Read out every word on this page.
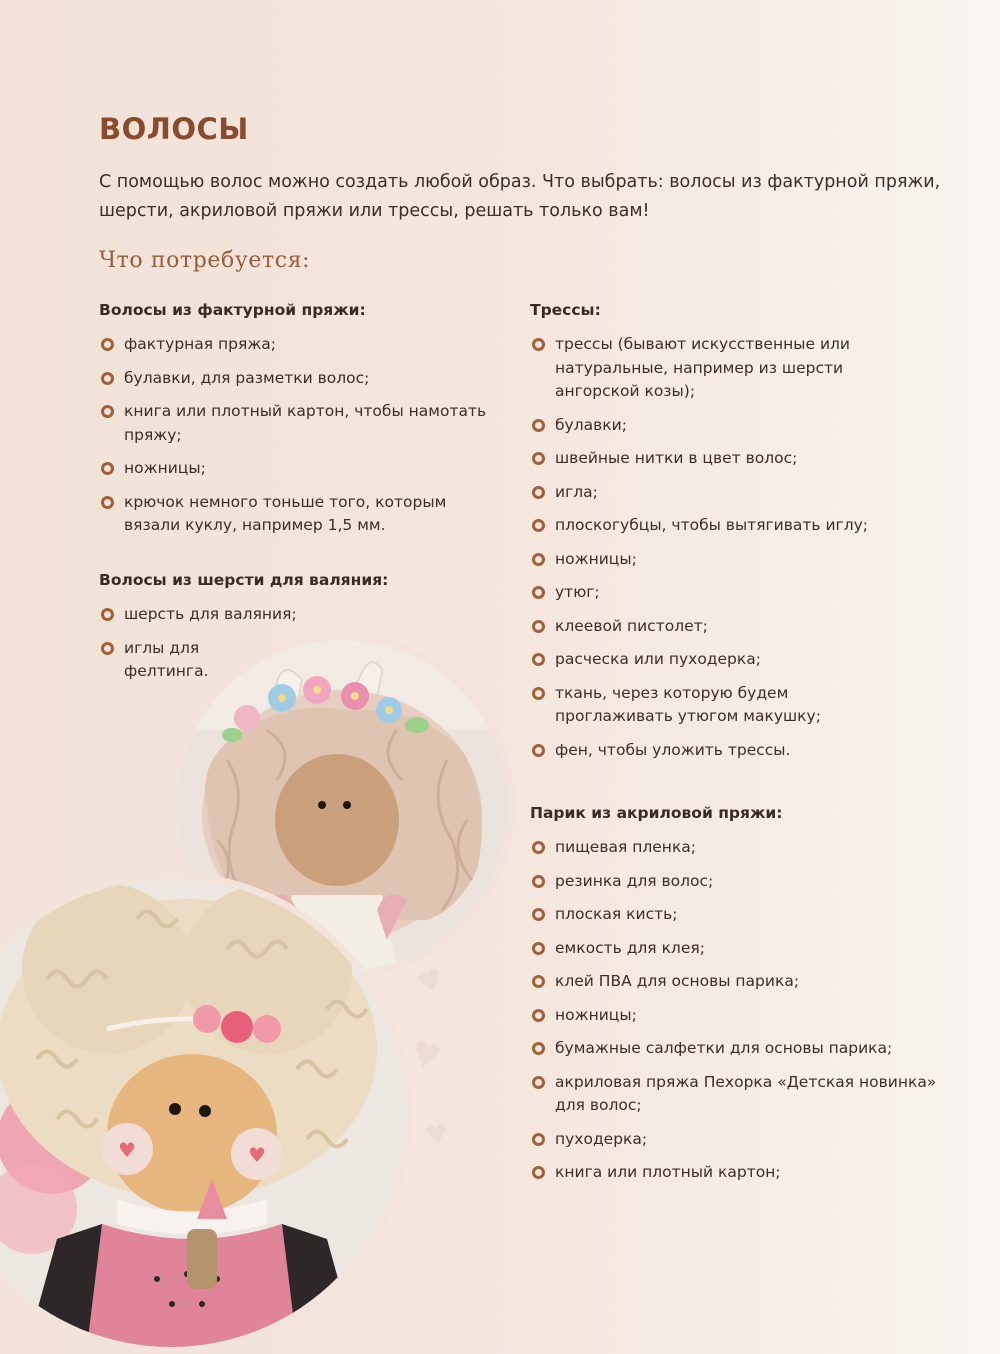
ВОЛОСЫ
С помощью волос можно создать любой образ. Что выбрать: волосы из фактурной пряжи, шерсти, акриловой пряжи или трессы, решать только вам!
Что потребуется:
♥
♥
♥
Волосы из фактурной пряжи:
фактурная пряжа;
булавки, для разметки волос;
книга или плотный картон, чтобы намотать пряжу;
ножницы;
крючок немного тоньше того, которым вязали куклу, например 1,5 мм.
Волосы из шерсти для валяния:
шерсть для валяния;
иглы для фелтинга.
Трессы:
трессы (бывают искусственные или натуральные, например из шерсти ангорской козы);
булавки;
швейные нитки в цвет волос;
игла;
плоскогубцы, чтобы вытягивать иглу;
ножницы;
утюг;
клеевой пистолет;
расческа или пуходерка;
ткань, через которую будем проглаживать утюгом макушку;
фен, чтобы уложить трессы.
Парик из акриловой пряжи:
пищевая пленка;
резинка для волос;
плоская кисть;
емкость для клея;
клей ПВА для основы парика;
ножницы;
бумажные салфетки для основы парика;
акриловая пряжа Пехорка «Детская новинка» для волос;
пуходерка;
книга или плотный картон;
♥	♥
